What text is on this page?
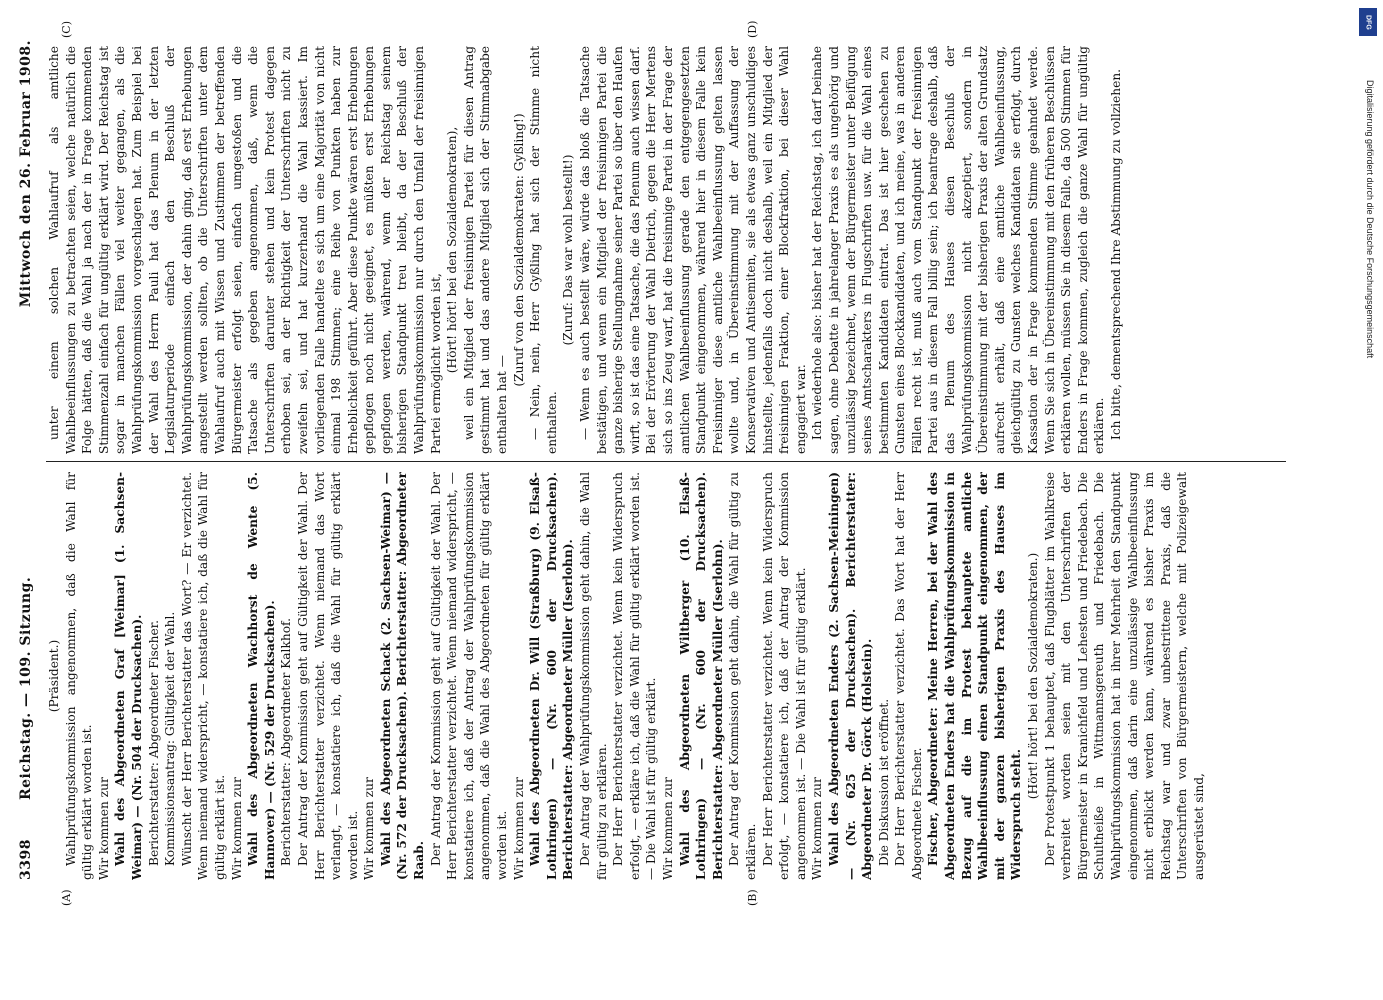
3398
Reichstag. — 109. Sitzung.
Mittwoch den 26. Februar 1908.

(Präsident.) Wahlprüfungskommission angenommen, daß die Wahl für gültig erklärt worden ist. Wir kommen zur Wahl des Abgeordneten Graf [Weimar] (1. Sachsen-Weimar) — (Nr. 504 der Drucksachen). Berichterstatter: Abgeordneter Fischer. Kommissionsantrag: Gültigkeit der Wahl. Wünscht der Herr Berichterstatter das Wort? — Er verzichtet. Wenn niemand widerspricht, — konstatiere ich, daß die Wahl für gültig erklärt ist. Wir kommen zur Wahl des Abgeordneten Wachhorst de Wente (5. Hannover) — (Nr. 529 der Drucksachen). Berichterstatter: Abgeordneter Kalkhof. Der Antrag der Kommission geht auf Gültigkeit der Wahl. Der Herr Berichterstatter verzichtet. Wenn niemand das Wort verlangt, — konstatiere ich, daß die Wahl für gültig erklärt worden ist. Wir kommen zur Wahl des Abgeordneten Schack (2. Sachsen-Weimar) — (Nr. 572 der Drucksachen). Berichterstatter: Abgeordneter Raab. Der Antrag der Kommission geht auf Gültigkeit der Wahl. Der Herr Berichterstatter verzichtet. Wenn niemand widerspricht, — konstatiere ich, daß der Antrag der Wahlprüfungskommission angenommen, daß die Wahl des Abgeordneten für gültig erklärt worden ist. Wir kommen zur Wahl des Abgeordneten Dr. Will (Straßburg) (9. Elsaß-Lothringen) — (Nr. 600 der Drucksachen). Berichterstatter: Abgeordneter Müller (Iserlohn). Der Antrag der Wahlprüfungskommission geht dahin, die Wahl für gültig zu erklären. Der Herr Berichterstatter verzichtet. Wenn kein Widerspruch erfolgt, — erkläre ich, daß die Wahl für gültig erklärt worden ist. — Die Wahl ist für gültig erklärt. Wir kommen zur Wahl des Abgeordneten Wiltberger (10. Elsaß-Lothringen) — (Nr. 600 der Drucksachen). Berichterstatter: Abgeordneter Müller (Iserlohn). Der Antrag der Kommission geht dahin, die Wahl für gültig zu erklären. Der Herr Berichterstatter verzichtet. Wenn kein Widerspruch erfolgt, — konstatiere ich, daß der Antrag der Kommission angenommen ist. — Die Wahl ist für gültig erklärt. Wir kommen zur Wahl des Abgeordneten Enders (2. Sachsen-Meiningen) — (Nr. 625 der Drucksachen). Berichterstatter: Abgeordneter Dr. Görck (Holstein). Die Diskussion ist eröffnet. Der Herr Berichterstatter verzichtet. Das Wort hat der Herr Abgeordnete Fischer. Fischer, Abgeordneter: Meine Herren, bei der Wahl des Abgeordneten Enders hat die Wahlprüfungskommission in Bezug auf die im Protest behauptete amtliche Wahlbeeinflussung einen Standpunkt eingenommen, der mit der ganzen bisherigen Praxis des Hauses im Widerspruch steht.

(Hört! hört! bei den Sozialdemokraten.) Der Protestpunkt 1 behauptet, daß Flugblätter im Wahlkreise verbreitet worden seien mit den Unterschriften der Bürgermeister in Kranichfeld und Lehesten und Friedebach. Die Schultheiße in Wittmannsgereuth und Friedebach. Die Wahlprüfungskommission hat in ihrer Mehrheit den Standpunkt eingenommen, daß darin eine unzulässige Wahlbeeinflussung nicht erblickt werden kann, während es bisher Praxis im Reichstag war und zwar unbestrittene Praxis, daß die Unterschriften von Bürgermeistern, welche mit Polizeigewalt ausgerüstet sind,

unter einem solchen Wahlaufruf als amtliche Wahlbeeinflussungen zu betrachten seien, welche natürlich die Folge hätten, daß die Wahl ja nach der in Frage kommenden Stimmenzahl einfach für ungültig erklärt wird. Der Reichstag ist sogar in manchen Fällen viel weiter gegangen, als die Wahlprüfungskommission vorgeschlagen hat. Zum Beispiel bei der Wahl des Herrn Pauli hat das Plenum in der letzten Legislaturperiode einfach den Beschluß der Wahlprüfungskommission, der dahin ging, daß erst Erhebungen angestellt werden sollten, ob die Unterschriften unter dem Wahlaufruf auch mit Wissen und Zustimmen der betreffenden Bürgermeister erfolgt seien, einfach umgestoßen und die Tatsache als gegeben angenommen, daß, wenn die Unterschriften darunter stehen und kein Protest dagegen erhoben sei, an der Richtigkeit der Unterschriften nicht zu zweifeln sei, und hat kurzerhand die Wahl kassiert. Im vorliegenden Falle handelte es sich um eine Majorität von nicht einmal 198 Stimmen; eine Reihe von Punkten haben zur Erheblichkeit geführt. Aber diese Punkte wären erst Erhebungen gepflogen noch nicht geeignet, es müßten erst Erhebungen gepflogen werden, während, wenn der Reichstag seinem bisherigen Standpunkt treu bleibt, da der Beschluß der Wahlprüfungskommission nur durch den Umfall der freisinnigen Partei ermöglicht worden ist, (Hört! hört! bei den Sozialdemokraten), weil ein Mitglied der freisinnigen Partei für diesen Antrag gestimmt hat und das andere Mitglied sich der Stimmabgabe enthalten hat —

(Zuruf von den Sozialdemokraten: Gyßling!) — Nein, nein, Herr Gyßling hat sich der Stimme nicht enthalten.

(Zuruf: Das war wohl bestellt!) — Wenn es auch bestellt wäre, würde das bloß die Tatsache bestätigen, und wenn ein Mitglied der freisinnigen Partei die ganze bisherige Stellungnahme seiner Partei so über den Haufen wirft, so ist das eine Tatsache, die das Plenum auch wissen darf. Bei der Erörterung der Wahl Dietrich, gegen die Herr Mertens sich so ins Zeug warf, hat die freisinnige Partei in der Frage der amtlichen Wahlbeeinflussung gerade den entgegengesetzten Standpunkt eingenommen, während hier in diesem Falle kein Freisinniger diese amtliche Wahlbeeinflussung gelten lassen wollte und, in Übereinstimmung mit der Auffassung der Konservativen und Antisemiten, sie als etwas ganz unschuldiges hinstellte, jedenfalls doch nicht deshalb, weil ein Mitglied der freisinnigen Fraktion, einer Blockfraktion, bei dieser Wahl engagiert war. Ich wiederhole also: bisher hat der Reichstag, ich darf beinahe sagen, ohne Debatte in jahrelanger Praxis es als ungehörig und unzulässig bezeichnet, wenn der Bürgermeister unter Beifügung seines Amtscharakters in Flugschriften usw. für die Wahl eines bestimmten Kandidaten eintrat. Das ist hier geschehen zu Gunsten eines Blockkandidaten, und ich meine, was in anderen Fällen recht ist, muß auch vom Standpunkt der freisinnigen Partei aus in diesem Fall billig sein; ich beantrage deshalb, daß das Plenum des Hauses diesen Beschluß der Wahlprüfungskommission nicht akzeptiert, sondern in Übereinstimmung mit der bisherigen Praxis der alten Grundsatz aufrecht erhält, daß eine amtliche Wahlbeeinflussung, gleichgültig zu Gunsten welches Kandidaten sie erfolgt, durch Kassation der in Frage kommenden Stimme geahndet werde. Wenn Sie sich in Übereinstimmung mit den früheren Beschlüssen erklären wollen, müssen Sie in diesem Falle, da 500 Stimmen für Enders in Frage kommen, zugleich die ganze Wahl für ungültig erklären. Ich bitte, dementsprechend Ihre Abstimmung zu vollziehen.

(A)	(B)
(C)	(D)	DFG
Digitalisierung gefördert durch die Deutsche Forschungsgemeinschaft
